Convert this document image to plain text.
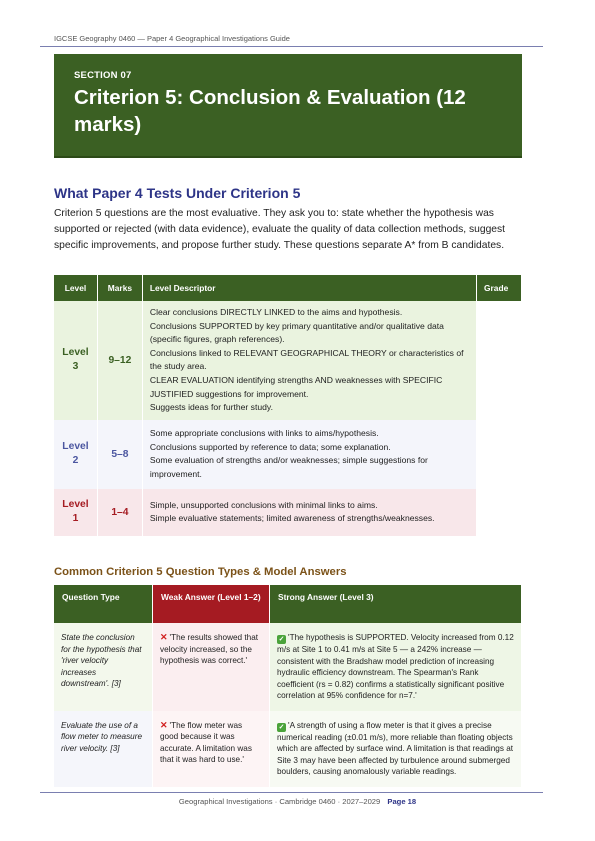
IGCSE Geography 0460 — Paper 4 Geographical Investigations Guide
SECTION 07
Criterion 5: Conclusion & Evaluation (12 marks)
What Paper 4 Tests Under Criterion 5
Criterion 5 questions are the most evaluative. They ask you to: state whether the hypothesis was supported or rejected (with data evidence), evaluate the quality of data collection methods, suggest specific improvements, and propose further study. These questions separate A* from B candidates.
Level	Marks	Level Descriptor	Grade
Level 3	9–12	Clear conclusions DIRECTLY LINKED to the aims and hypothesis.
Conclusions SUPPORTED by key primary quantitative and/or qualitative data (specific figures, graph references).
Conclusions linked to RELEVANT GEOGRAPHICAL THEORY or characteristics of the study area.
CLEAR EVALUATION identifying strengths AND weaknesses with SPECIFIC JUSTIFIED suggestions for improvement.
Suggests ideas for further study.	

Level 2	5–8	Some appropriate conclusions with links to aims/hypothesis.
Conclusions supported by reference to data; some explanation.
Some evaluation of strengths and/or weaknesses; simple suggestions for improvement.	

Level 1	1–4	Simple, unsupported conclusions with minimal links to aims.
Simple evaluative statements; limited awareness of strengths/weaknesses.	

Common Criterion 5 Question Types & Model Answers
Question Type	Weak Answer (Level 1–2)	Strong Answer (Level 3)
State the conclusion for the hypothesis that 'river velocity increases downstream'. [3]	✕ 'The results showed that velocity increased, so the hypothesis was correct.'	✓ 'The hypothesis is SUPPORTED. Velocity increased from 0.12 m/s at Site 1 to 0.41 m/s at Site 5 — a 242% increase — consistent with the Bradshaw model prediction of increasing hydraulic efficiency downstream. The Spearman's Rank coefficient (rs = 0.82) confirms a statistically significant positive correlation at 95% confidence for n=7.'
Evaluate the use of a flow meter to measure river velocity. [3]	✕ 'The flow meter was good because it was accurate. A limitation was that it was hard to use.'	✓ 'A strength of using a flow meter is that it gives a precise numerical reading (±0.01 m/s), more reliable than floating objects which are affected by surface wind. A limitation is that readings at Site 3 may have been affected by turbulence around submerged boulders, causing anomalously variable readings.
Geographical Investigations · Cambridge 0460 · 2027–2029 Page 18
